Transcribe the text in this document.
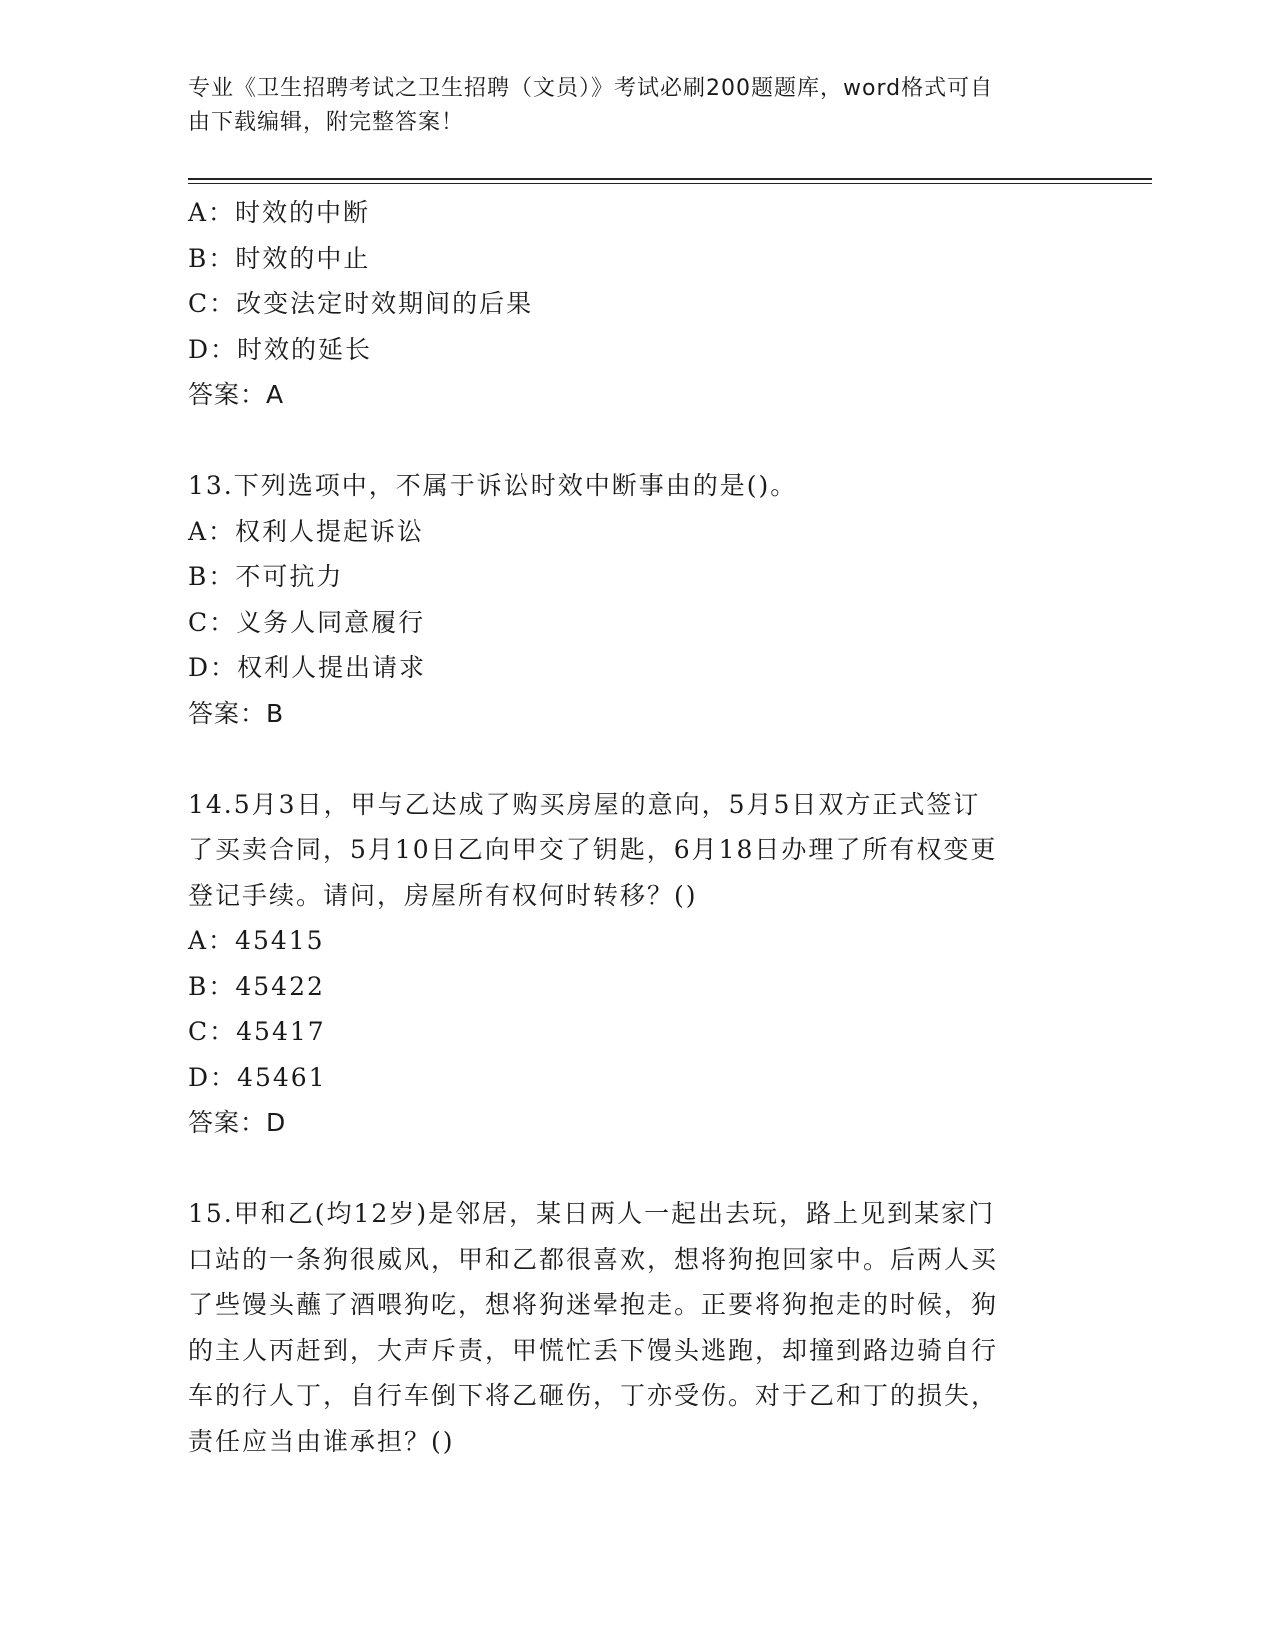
专业《卫生招聘考试之卫生招聘（文员）》考试必刷200题题库，word格式可自
由下载编辑，附完整答案！
A：时效的中断
B：时效的中止
C：改变法定时效期间的后果
D：时效的延长
答案：A
13.下列选项中，不属于诉讼时效中断事由的是()。
A：权利人提起诉讼
B：不可抗力
C：义务人同意履行
D：权利人提出请求
答案：B
14.5月3日，甲与乙达成了购买房屋的意向，5月5日双方正式签订
了买卖合同，5月10日乙向甲交了钥匙，6月18日办理了所有权变更
登记手续。请问，房屋所有权何时转移？()
A：45415
B：45422
C：45417
D：45461
答案：D
15.甲和乙(均12岁)是邻居，某日两人一起出去玩，路上见到某家门
口站的一条狗很威风，甲和乙都很喜欢，想将狗抱回家中。后两人买
了些馒头蘸了酒喂狗吃，想将狗迷晕抱走。正要将狗抱走的时候，狗
的主人丙赶到，大声斥责，甲慌忙丢下馒头逃跑，却撞到路边骑自行
车的行人丁，自行车倒下将乙砸伤，丁亦受伤。对于乙和丁的损失，
责任应当由谁承担？()
